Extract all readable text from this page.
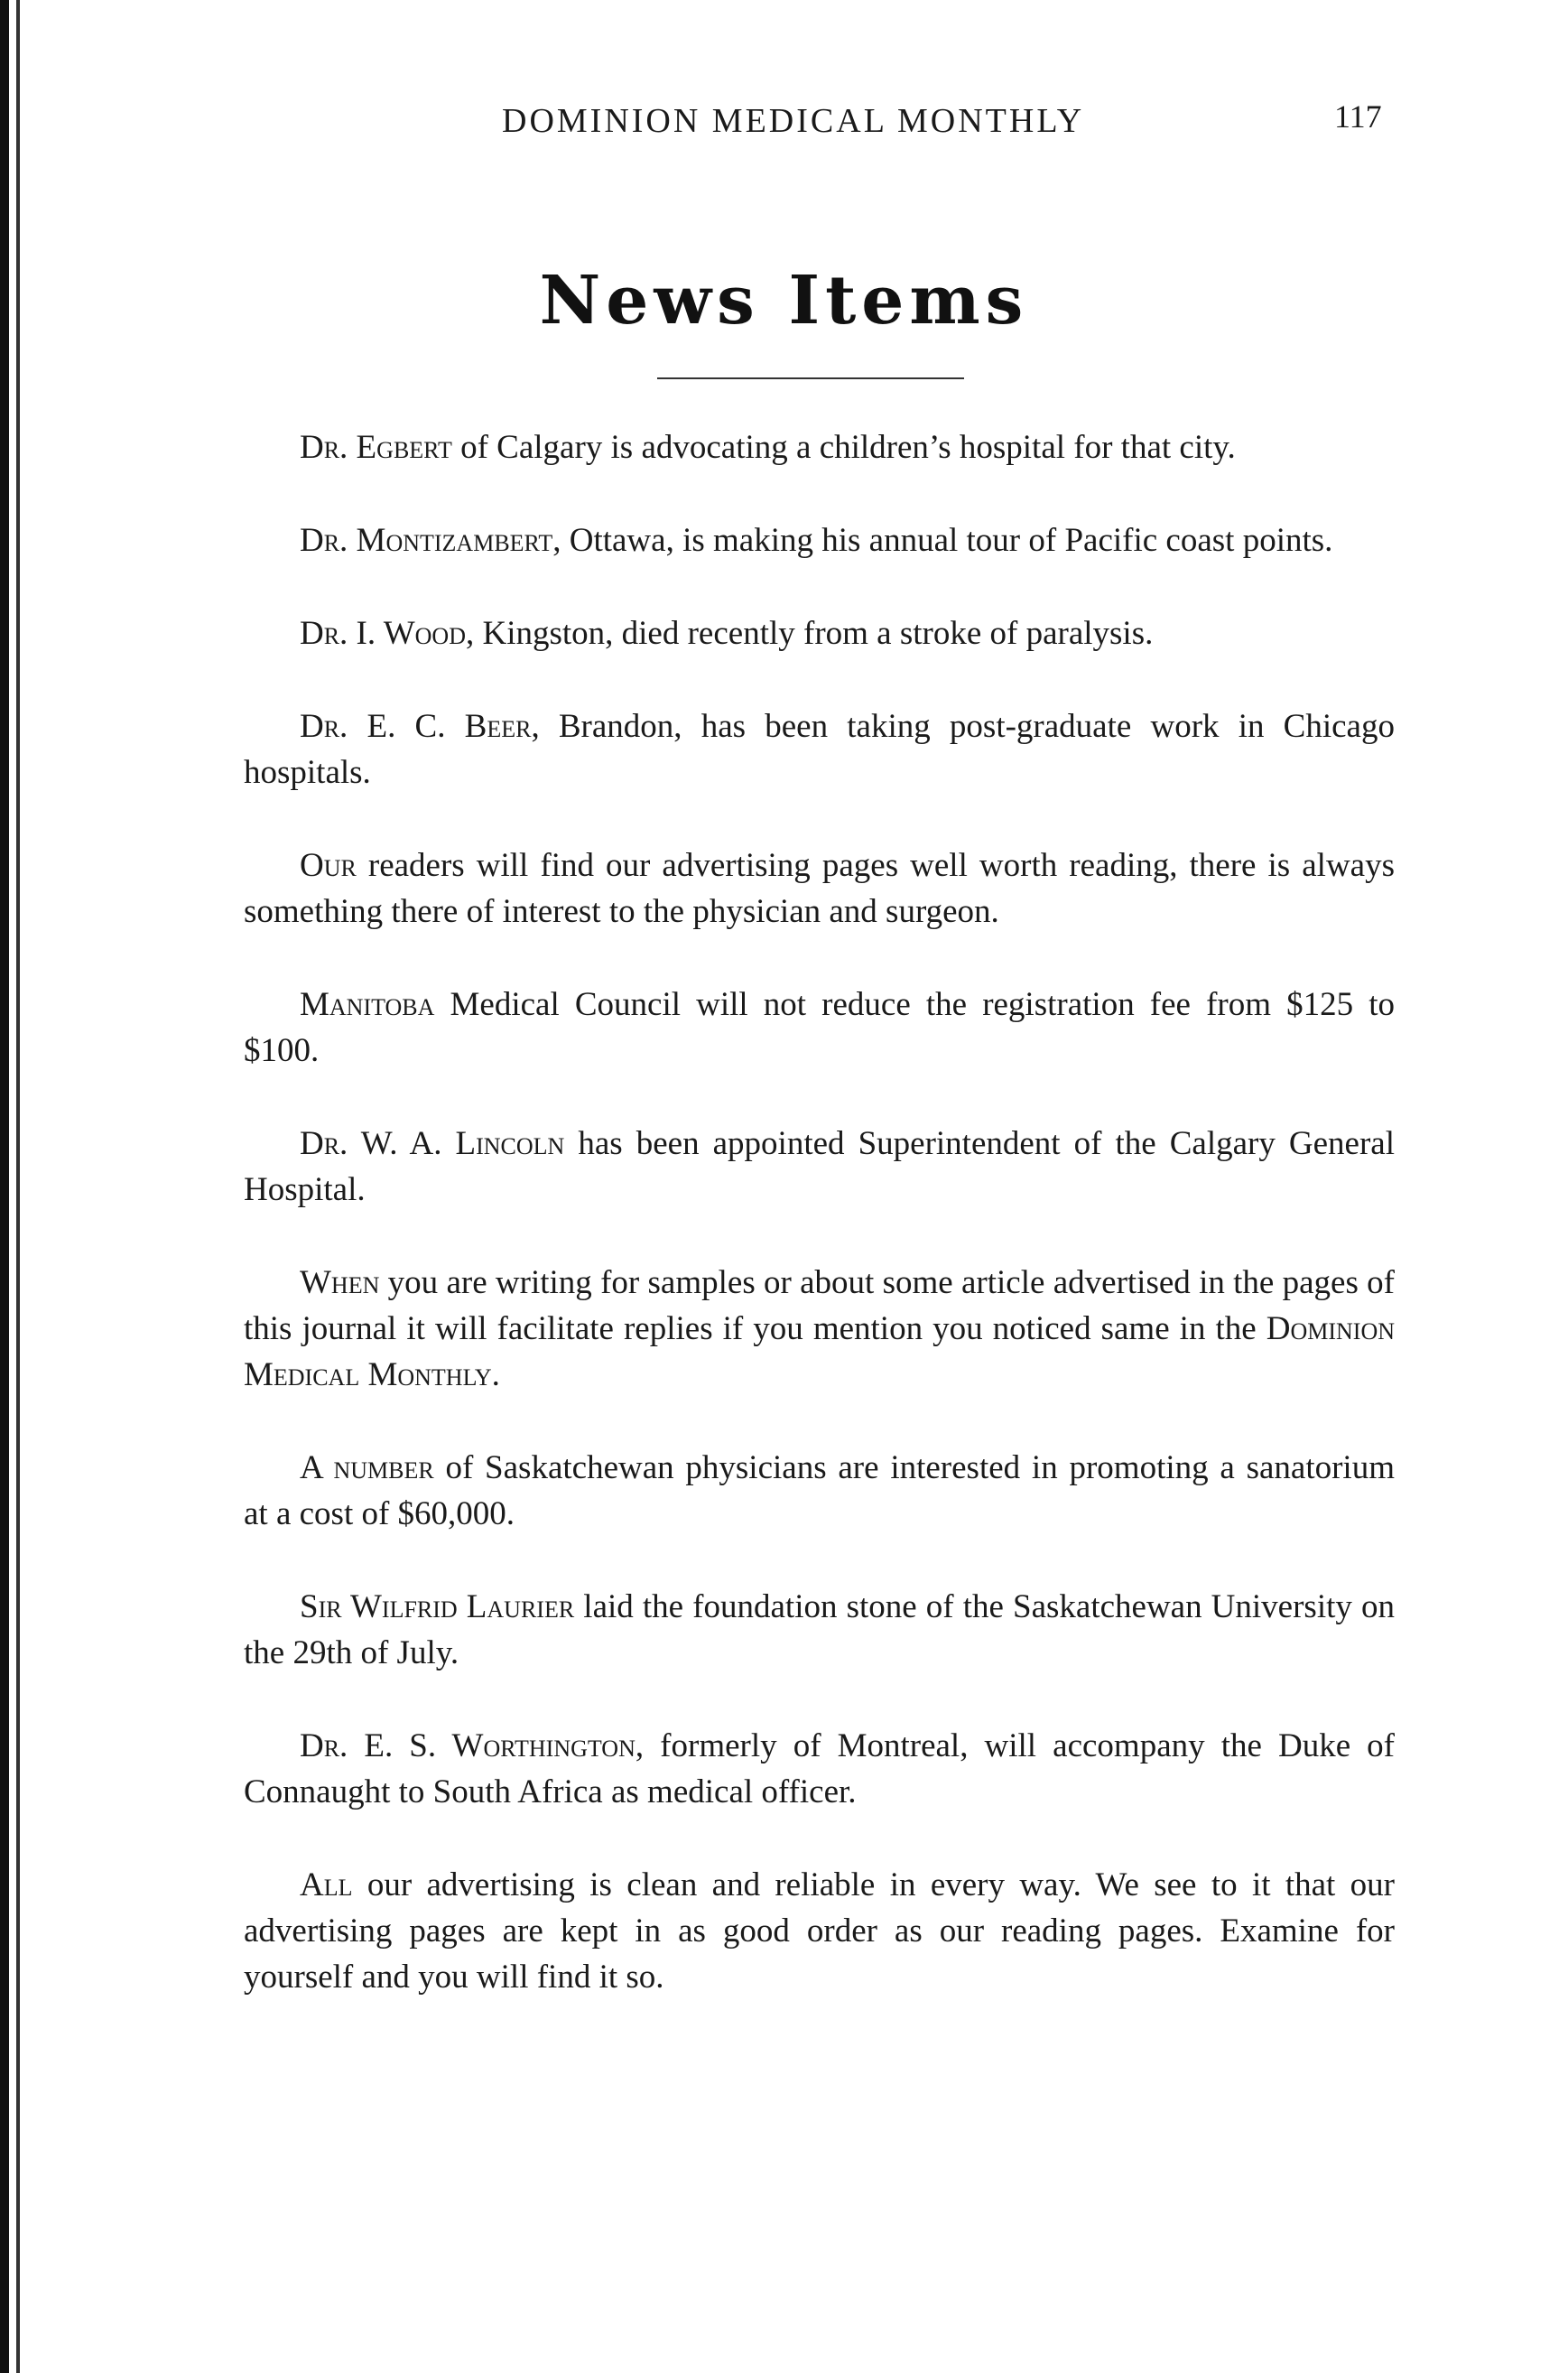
DOMINION MEDICAL MONTHLY	117
News Items

Dr. Egbert of Calgary is advocating a children’s hospital for that city.

Dr. Montizambert, Ottawa, is making his annual tour of Pacific coast points.

Dr. I. Wood, Kingston, died recently from a stroke of paralysis.

Dr. E. C. Beer, Brandon, has been taking post-graduate work in Chicago hospitals.

Our readers will find our advertising pages well worth reading, there is always something there of interest to the physician and surgeon.

Manitoba Medical Council will not reduce the registration fee from $125 to $100.

Dr. W. A. Lincoln has been appointed Superintendent of the Calgary General Hospital.

When you are writing for samples or about some article advertised in the pages of this journal it will facilitate replies if you mention you noticed same in the Dominion Medical Monthly.

A number of Saskatchewan physicians are interested in promoting a sanatorium at a cost of $60,000.

Sir Wilfrid Laurier laid the foundation stone of the Saskatchewan University on the 29th of July.

Dr. E. S. Worthington, formerly of Montreal, will accompany the Duke of Connaught to South Africa as medical officer.

All our advertising is clean and reliable in every way. We see to it that our advertising pages are kept in as good order as our reading pages. Examine for yourself and you will find it so.
